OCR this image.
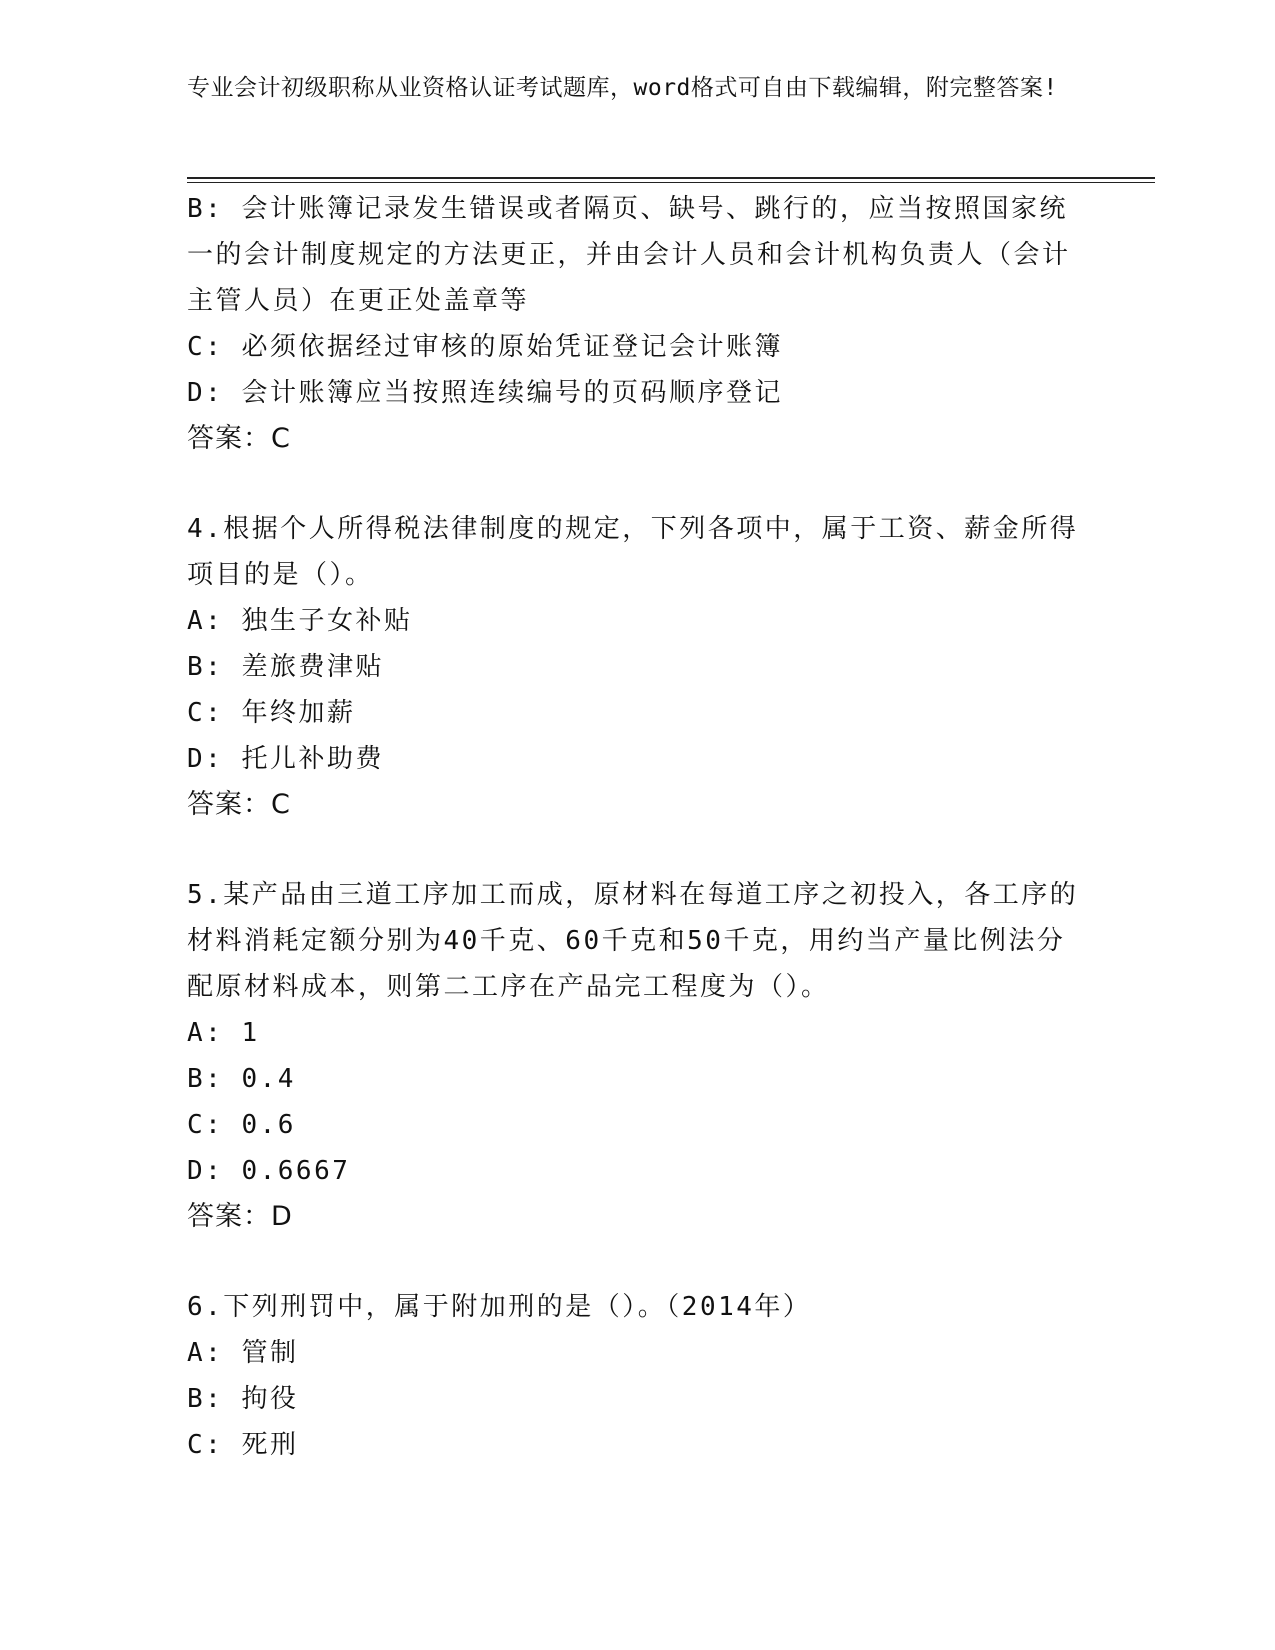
专业会计初级职称从业资格认证考试题库，word格式可自由下载编辑，附完整答案!
B: 会计账簿记录发生错误或者隔页、缺号、跳行的，应当按照国家统一的会计制度规定的方法更正，并由会计人员和会计机构负责人（会计主管人员）在更正处盖章等
C: 必须依据经过审核的原始凭证登记会计账簿
D: 会计账簿应当按照连续编号的页码顺序登记
答案：C
4.根据个人所得税法律制度的规定，下列各项中，属于工资、薪金所得项目的是（）。
A: 独生子女补贴
B: 差旅费津贴
C: 年终加薪
D: 托儿补助费
答案：C
5.某产品由三道工序加工而成，原材料在每道工序之初投入，各工序的材料消耗定额分别为40千克、60千克和50千克，用约当产量比例法分配原材料成本，则第二工序在产品完工程度为（）。
A: 1
B: 0.4
C: 0.6
D: 0.6667
答案：D
6.下列刑罚中，属于附加刑的是（）。（2014年）
A: 管制
B: 拘役
C: 死刑
